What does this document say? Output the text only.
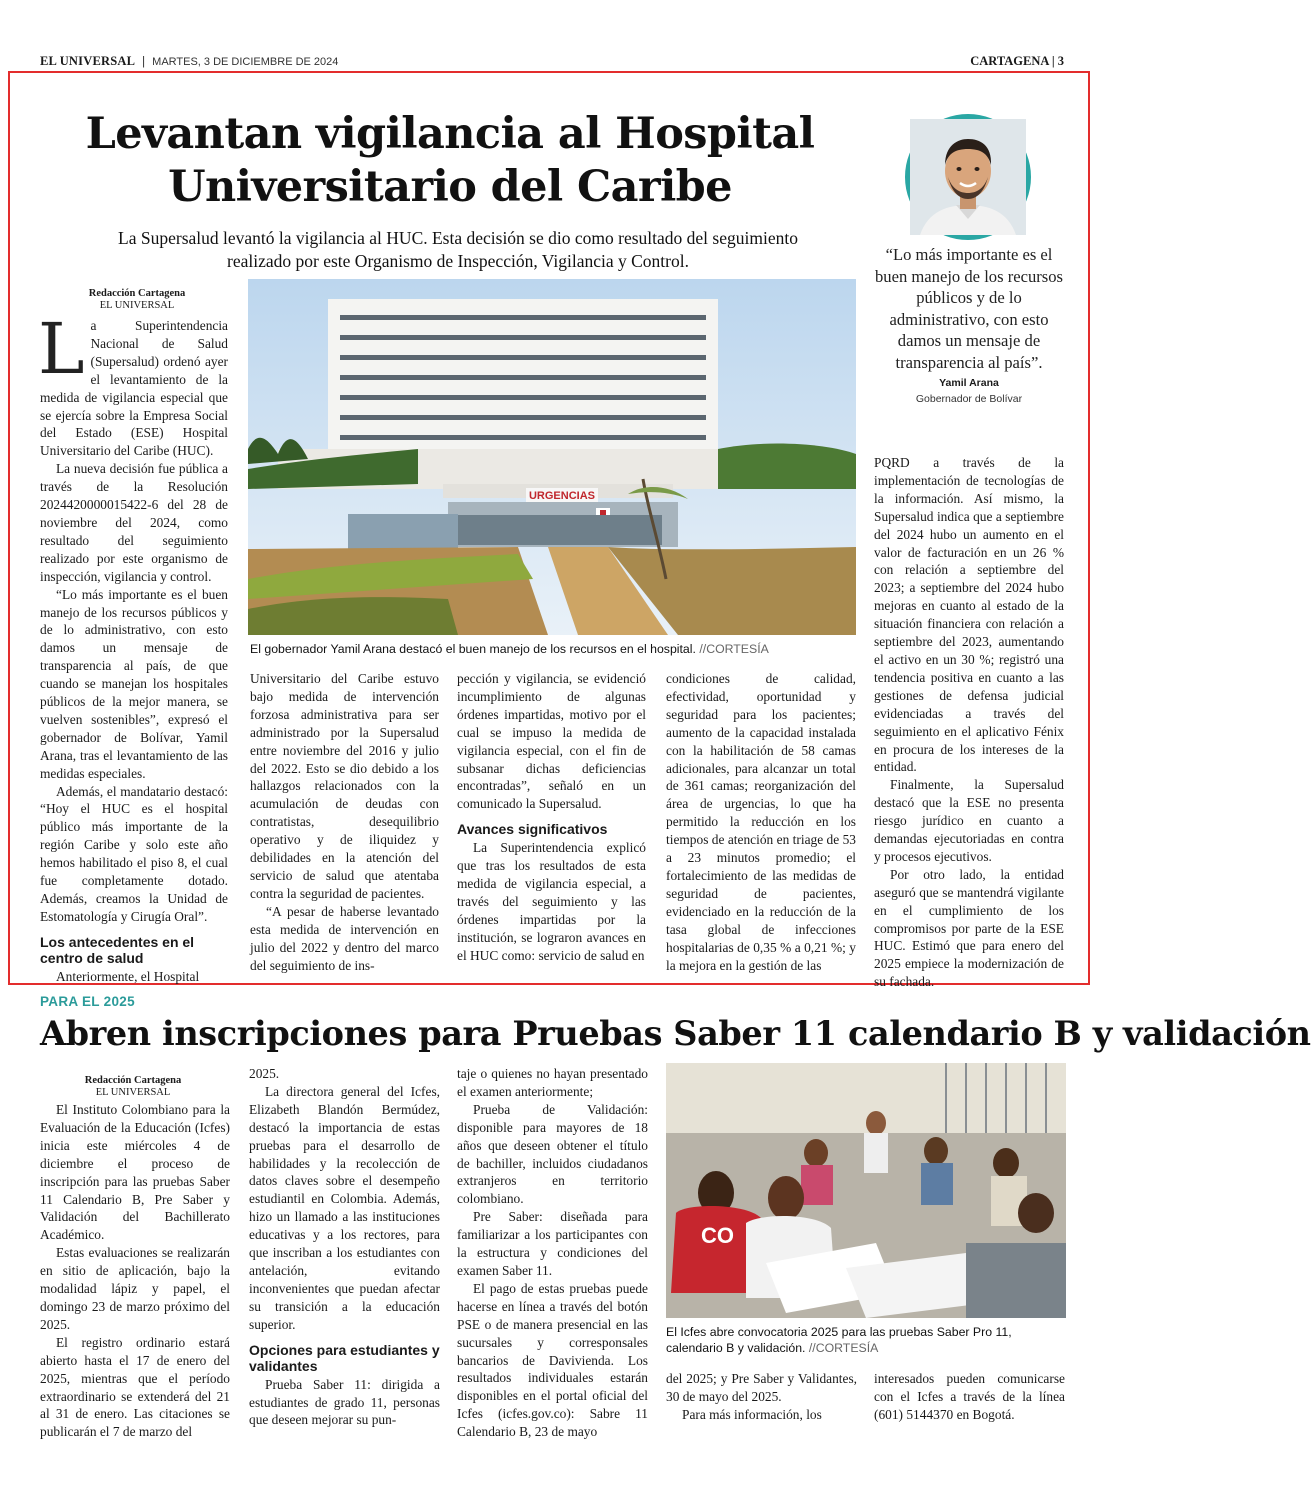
EL UNIVERSAL | MARTES, 3 DE DICIEMBRE DE 2024	CARTAGENA | 3
Levantan vigilancia al Hospital Universitario del Caribe

La Supersalud levantó la vigilancia al HUC. Esta decisión se dio como resultado del seguimiento realizado por este Organismo de Inspección, Vigilancia y Control.	“Lo más importante es el buen manejo de los recursos públicos y de lo administrativo, con esto damos un mensaje de transparencia al país”.

Yamil Arana
Gobernador de Bolívar
Redacción Cartagena
EL UNIVERSAL

La Superintendencia Nacional de Salud (Supersalud) ordenó ayer el levantamiento de la medida de vigilancia especial que se ejercía sobre la Empresa Social del Estado (ESE) Hospital Universitario del Caribe (HUC).

La nueva decisión fue pública a través de la Resolución 2024420000015422-6 del 28 de noviembre del 2024, como resultado del seguimiento realizado por este organismo de inspección, vigilancia y control.

“Lo más importante es el buen manejo de los recursos públicos y de lo administrativo, con esto damos un mensaje de transparencia al país, de que cuando se manejan los hospitales públicos de la mejor manera, se vuelven sostenibles”, expresó el gobernador de Bolívar, Yamil Arana, tras el levantamiento de las medidas especiales.

Además, el mandatario destacó: “Hoy el HUC es el hospital público más importante de la región Caribe y solo este año hemos habilitado el piso 8, el cual fue completamente dotado. Además, creamos la Unidad de Estomatología y Cirugía Oral”.

Los antecedentes en el centro de salud

Anteriormente, el Hospital

URGENCIAS

El gobernador Yamil Arana destacó el buen manejo de los recursos en el hospital. //CORTESÍA

Universitario del Caribe estuvo bajo medida de intervención forzosa administrativa para ser administrado por la Supersalud entre noviembre del 2016 y julio del 2022. Esto se dio debido a los hallazgos relacionados con la acumulación de deudas con contratistas, desequilibrio operativo y de iliquidez y debilidades en la atención del servicio de salud que atentaba contra la seguridad de pacientes.

“A pesar de haberse levantado esta medida de intervención en julio del 2022 y dentro del marco del seguimiento de ins-

pección y vigilancia, se evidenció incumplimiento de algunas órdenes impartidas, motivo por el cual se impuso la medida de vigilancia especial, con el fin de subsanar dichas deficiencias encontradas”, señaló en un comunicado la Supersalud.

Avances significativos

La Superintendencia explicó que tras los resultados de esta medida de vigilancia especial, a través del seguimiento y las órdenes impartidas por la institución, se lograron avances en el HUC como: servicio de salud en

condiciones de calidad, efectividad, oportunidad y seguridad para los pacientes; aumento de la capacidad instalada con la habilitación de 58 camas adicionales, para alcanzar un total de 361 camas; reorganización del área de urgencias, lo que ha permitido la reducción en los tiempos de atención en triage de 53 a 23 minutos promedio; el fortalecimiento de las medidas de seguridad de pacientes, evidenciado en la reducción de la tasa global de infecciones hospitalarias de 0,35 % a 0,21 %; y la mejora en la gestión de las

PQRD a través de la implementación de tecnologías de la información. Así mismo, la Supersalud indica que a septiembre del 2024 hubo un aumento en el valor de facturación en un 26 % con relación a septiembre del 2023; a septiembre del 2024 hubo mejoras en cuanto al estado de la situación financiera con relación a septiembre del 2023, aumentando el activo en un 30 %; registró una tendencia positiva en cuanto a las gestiones de defensa judicial evidenciadas a través del seguimiento en el aplicativo Fénix en procura de los intereses de la entidad.

Finalmente, la Supersalud destacó que la ESE no presenta riesgo jurídico en cuanto a demandas ejecutoriadas en contra y procesos ejecutivos.

Por otro lado, la entidad aseguró que se mantendrá vigilante en el cumplimiento de los compromisos por parte de la ESE HUC. Estimó que para enero del 2025 empiece la modernización de su fachada.

PARA EL 2025
Abren inscripciones para Pruebas Saber 11 calendario B y validación
Redacción Cartagena
EL UNIVERSAL

El Instituto Colombiano para la Evaluación de la Educación (Icfes) inicia este miércoles 4 de diciembre el proceso de inscripción para las pruebas Saber 11 Calendario B, Pre Saber y Validación del Bachillerato Académico.

Estas evaluaciones se realizarán en sitio de aplicación, bajo la modalidad lápiz y papel, el domingo 23 de marzo próximo del 2025.

El registro ordinario estará abierto hasta el 17 de enero del 2025, mientras que el período extraordinario se extenderá del 21 al 31 de enero. Las citaciones se publicarán el 7 de marzo del

2025.

La directora general del Icfes, Elizabeth Blandón Bermúdez, destacó la importancia de estas pruebas para el desarrollo de habilidades y la recolección de datos claves sobre el desempeño estudiantil en Colombia. Además, hizo un llamado a las instituciones educativas y a los rectores, para que inscriban a los estudiantes con antelación, evitando inconvenientes que puedan afectar su transición a la educación superior.

Opciones para estudiantes y validantes

Prueba Saber 11: dirigida a estudiantes de grado 11, personas que deseen mejorar su pun-

taje o quienes no hayan presentado el examen anteriormente;

Prueba de Validación: disponible para mayores de 18 años que deseen obtener el título de bachiller, incluidos ciudadanos extranjeros en territorio colombiano.

Pre Saber: diseñada para familiarizar a los participantes con la estructura y condiciones del examen Saber 11.

El pago de estas pruebas puede hacerse en línea a través del botón PSE o de manera presencial en las sucursales y corresponsales bancarios de Davivienda. Los resultados individuales estarán disponibles en el portal oficial del Icfes (icfes.gov.co): Sabre 11 Calendario B, 23 de mayo

CO

El Icfes abre convocatoria 2025 para las pruebas Saber Pro 11, calendario B y validación. //CORTESÍA

del 2025; y Pre Saber y Validantes, 30 de mayo del 2025.

Para más información, los

interesados pueden comunicarse con el Icfes a través de la línea (601) 5144370 en Bogotá.
